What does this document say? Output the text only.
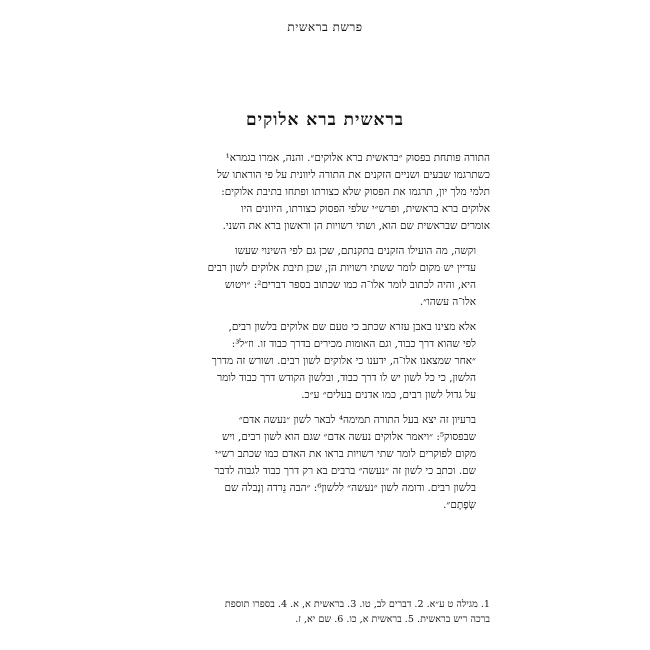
פרשת בראשית
בראשית ברא אלוקים

התורה פותחת בפסוק ״בראשית ברא אלוקים״. והנה, אמרו בגמרא¹
כשתרגמו שבעים ושניים הזקנים את התורה ליוונית על פי הוראתו של
תלמי מלך יון, תרגמו את הפסוק שלא כצורתו ופתחו בתיבת אלוקים:
אלוקים ברא בראשית, ופרש״י שלפי הפסוק כצורתו, היוונים היו
אומרים שבראשית שם הוא, ושתי רשויות הן וראשון ברא את השני.

וקשה, מה הועילו הזקנים בתקנתם, שכן גם לפי השינוי שעשו
עדיין יש מקום לומר ששתי רשויות הן, שכן תיבת אלוקים לשון רבים
היא, והיה לכתוב לומר אלו־ה כמו שכתוב בספר דברים²: ״ויטוש
אלו־ה עשהו״.

אלא מצינו באבן עזרא שכתב כי טעם שם אלוקים בלשון רבים,
לפי שהוא דרך כבוד, וגם האומות מכירים בדרך כבוד זו. וז״ל³:
״אחר שמצאנו אלו־ה, ידענו כי אלוקים לשון רבים. ושורש זה מדרך
הלשון, כי כל לשון יש לו דרך כבוד, ובלשון הקודש דרך כבוד לומר
על גדול לשון רבים, כמו אדנים בעלים״ ע״כ.

ברעיון זה יצא בעל התורה תמימה⁴ לבאר לשון ״נעשה אדם״
שבפסוק⁵: ״ויאמר אלוקים נעשה אדם״ שגם הוא לשון רבים, ויש
מקום לפוקרים לומר שתי רשויות בראו את האדם כמו שכתב רש״י
שם. וכתב כי לשון זה ״נעשה״ ברבים בא רק דרך כבוד לגבוה לדבר
בלשון רבים. ודומה לשון ״נעשה״ ללשון⁶: ״הבה נֵרדה וְנָבלה שם
שְׂפָתָם״.

1. מגילה ט ע״א. 2. דברים לב, טו. 3. בראשית א, א. 4. בספרו תוספת
ברכה ריש בראשית. 5. בראשית א, כו. 6. שם יא, ז.
